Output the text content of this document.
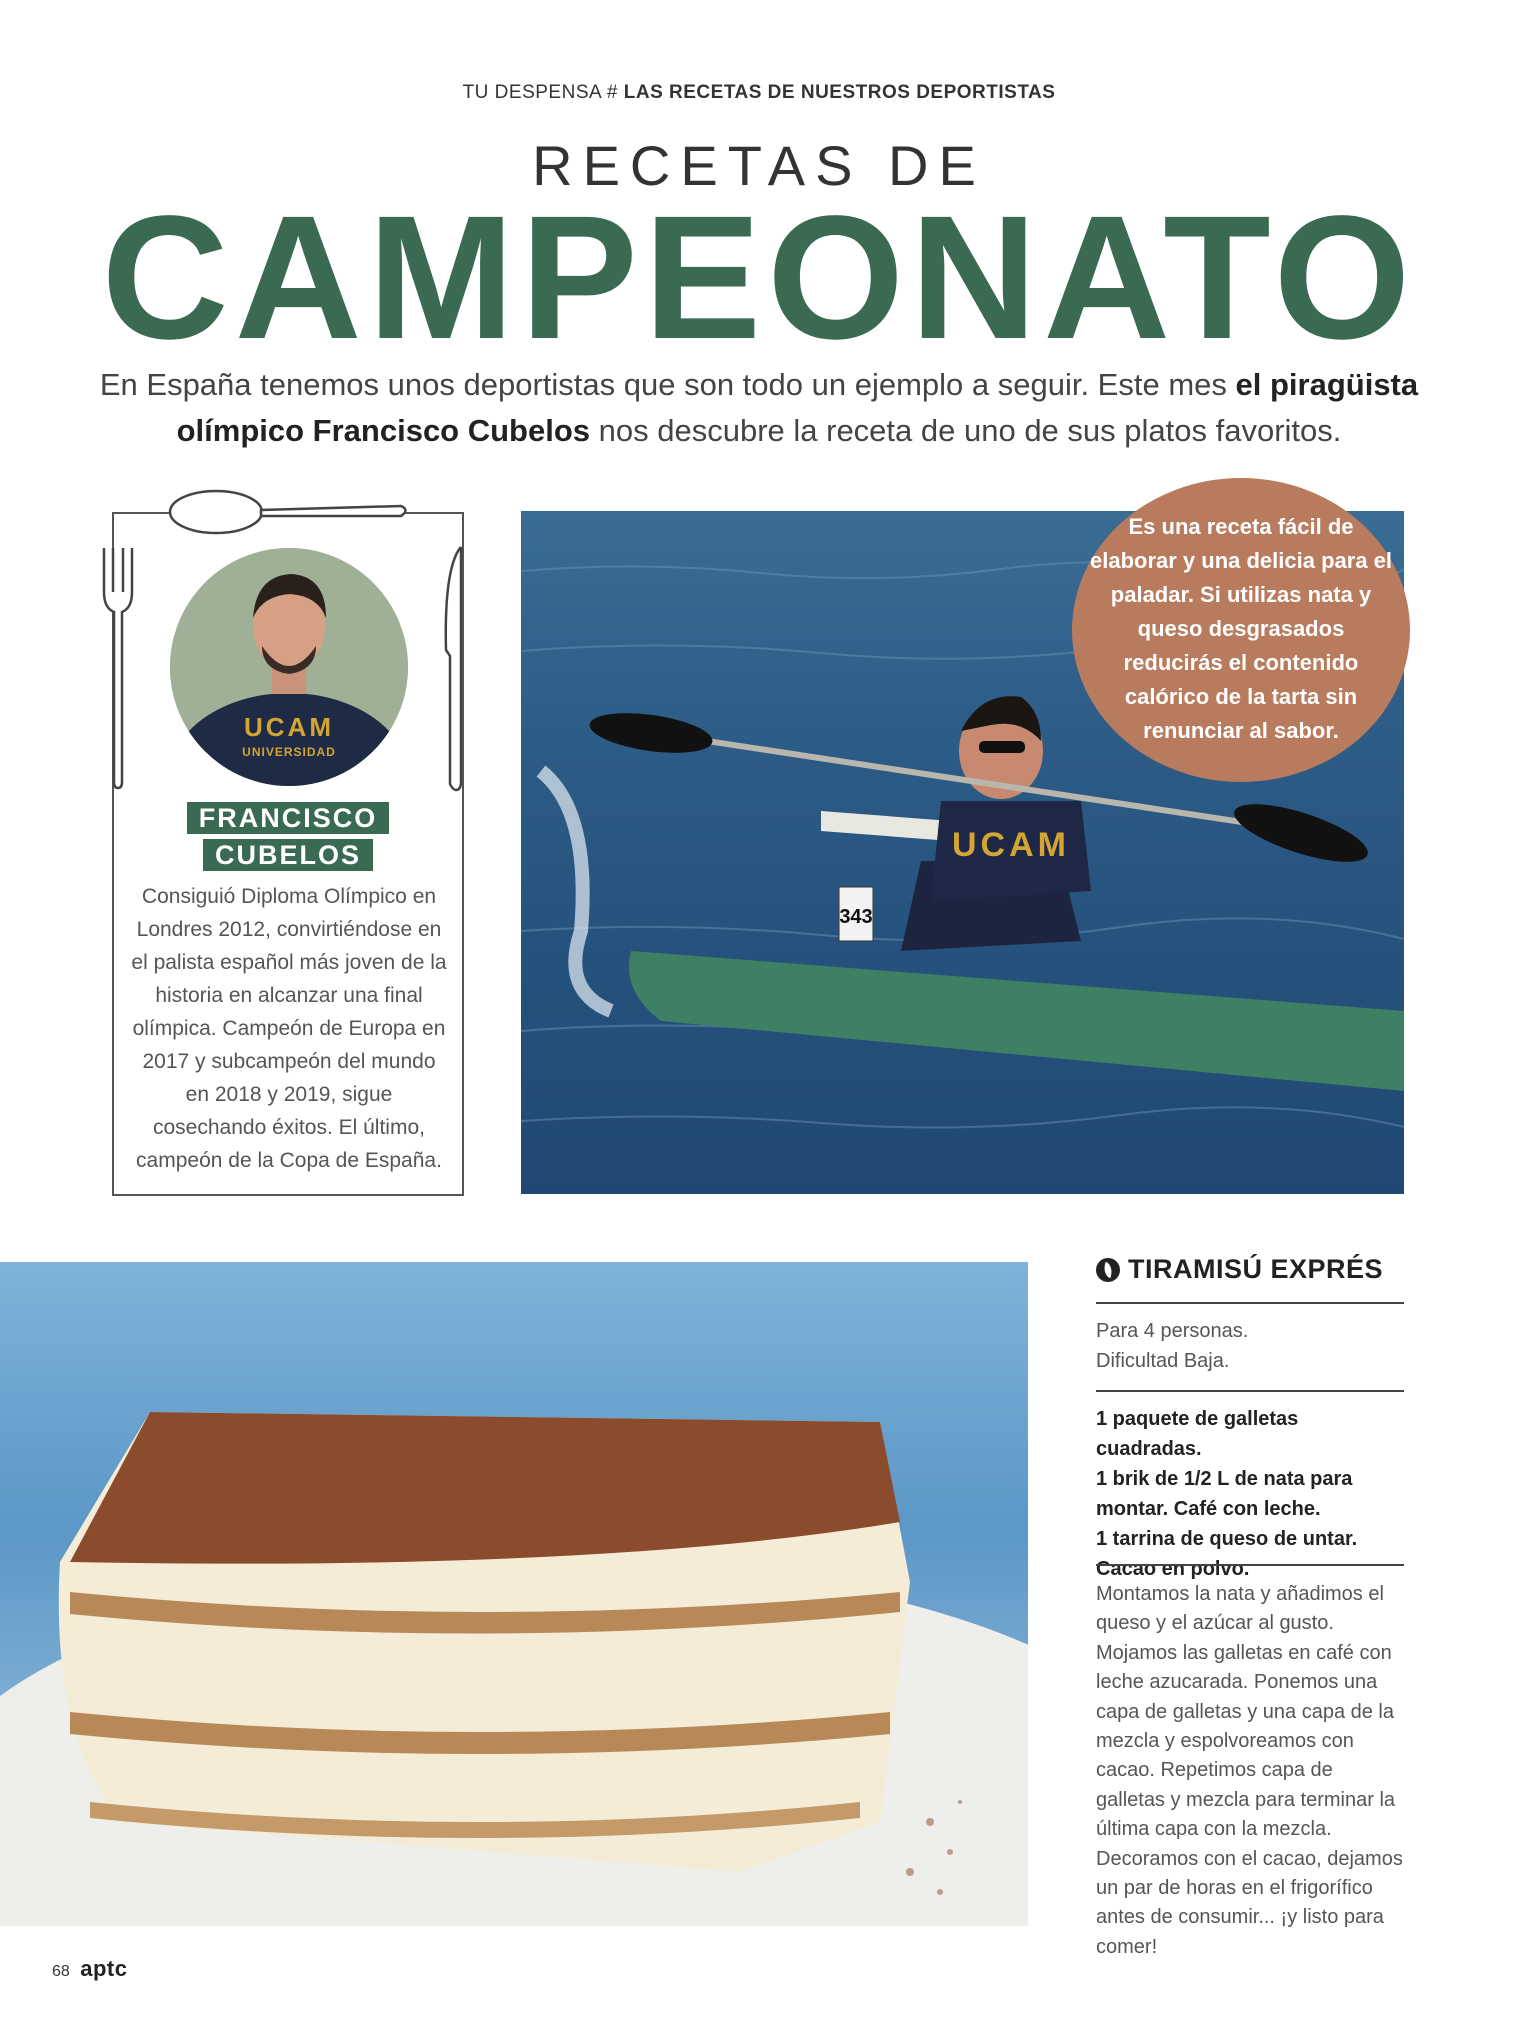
TU DESPENSA # LAS RECETAS DE NUESTROS DEPORTISTAS
RECETAS DE
CAMPEONATO
En España tenemos unos deportistas que son todo un ejemplo a seguir. Este mes el piragüista olímpico Francisco Cubelos nos descubre la receta de uno de sus platos favoritos.
UCAM
UNIVERSIDAD
FRANCISCO
CUBELOS
Consiguió Diploma Olímpico en Londres 2012, convirtiéndose en el palista español más joven de la historia en alcanzar una final olímpica. Campeón de Europa en 2017 y subcampeón del mundo en 2018 y 2019, sigue cosechando éxitos. El último, campeón de la Copa de España.
UCAM
343
Es una receta fácil de elaborar y una delicia para el paladar. Si utilizas nata y queso desgrasados reducirás el contenido calórico de la tarta sin renunciar al sabor.
TIRAMISÚ EXPRÉS
Para 4 personas.
Dificultad Baja.
1 paquete de galletas cuadradas.
1 brik de 1/2 L de nata para montar. Café con leche.
1 tarrina de queso de untar.
Cacao en polvo.
Montamos la nata y añadimos el queso y el azúcar al gusto. Mojamos las galletas en café con leche azucarada. Ponemos una capa de galletas y una capa de la mezcla y espolvoreamos con cacao. Repetimos capa de galletas y mezcla para terminar la última capa con la mezcla. Decoramos con el cacao, dejamos un par de horas en el frigorífico antes de consumir... ¡y listo para comer!
68 aptc
